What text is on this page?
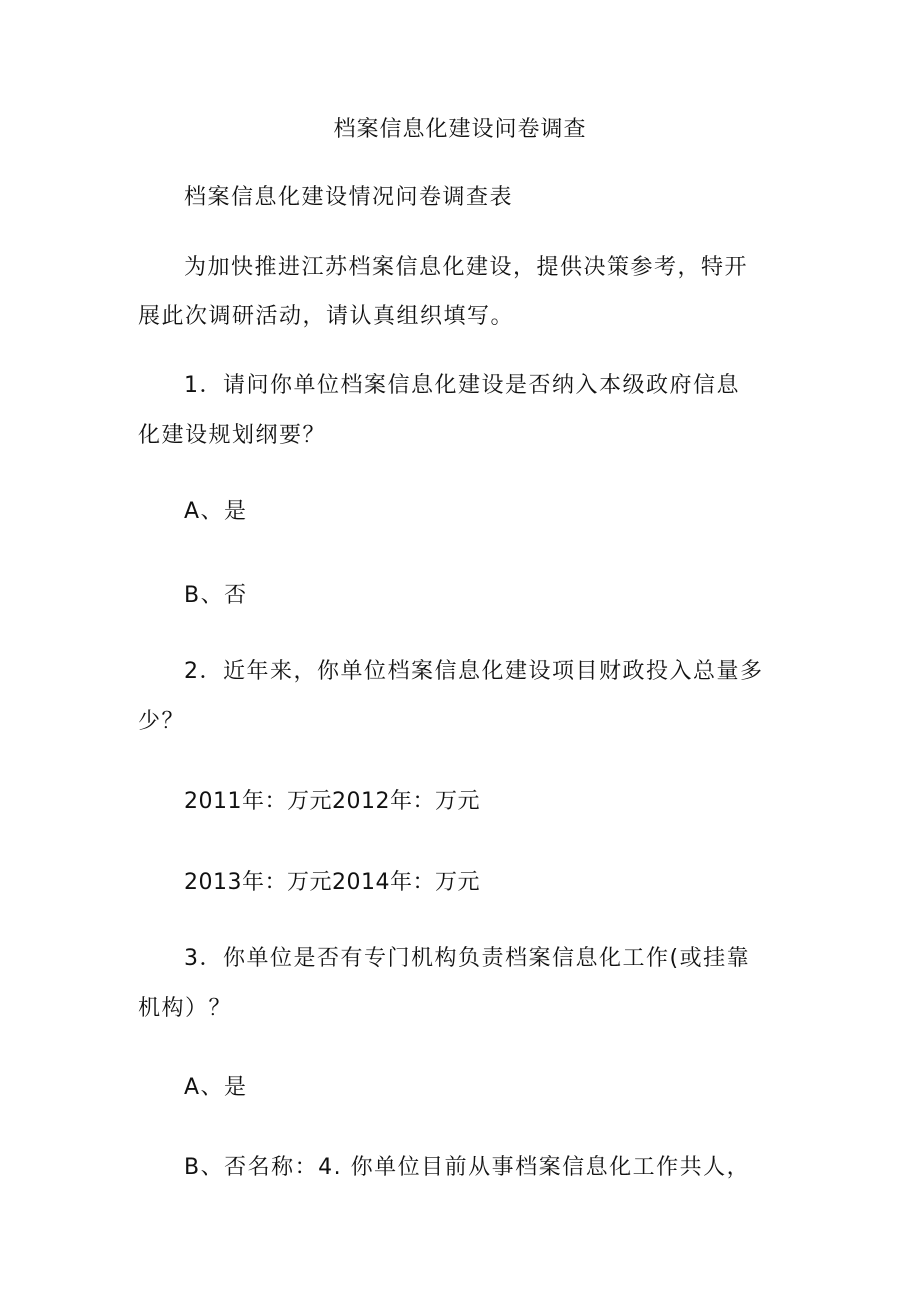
档案信息化建设问卷调查
档案信息化建设情况问卷调查表
为加快推进江苏档案信息化建设，提供决策参考，特开
展此次调研活动，请认真组织填写。
1．请问你单位档案信息化建设是否纳入本级政府信息
化建设规划纲要？
A、是
B、否
2．近年来，你单位档案信息化建设项目财政投入总量多
少？
2011年：万元2012年：万元
2013年：万元2014年：万元
3．你单位是否有专门机构负责档案信息化工作(或挂靠
机构）？
A、是
B、否名称：4. 你单位目前从事档案信息化工作共人，
